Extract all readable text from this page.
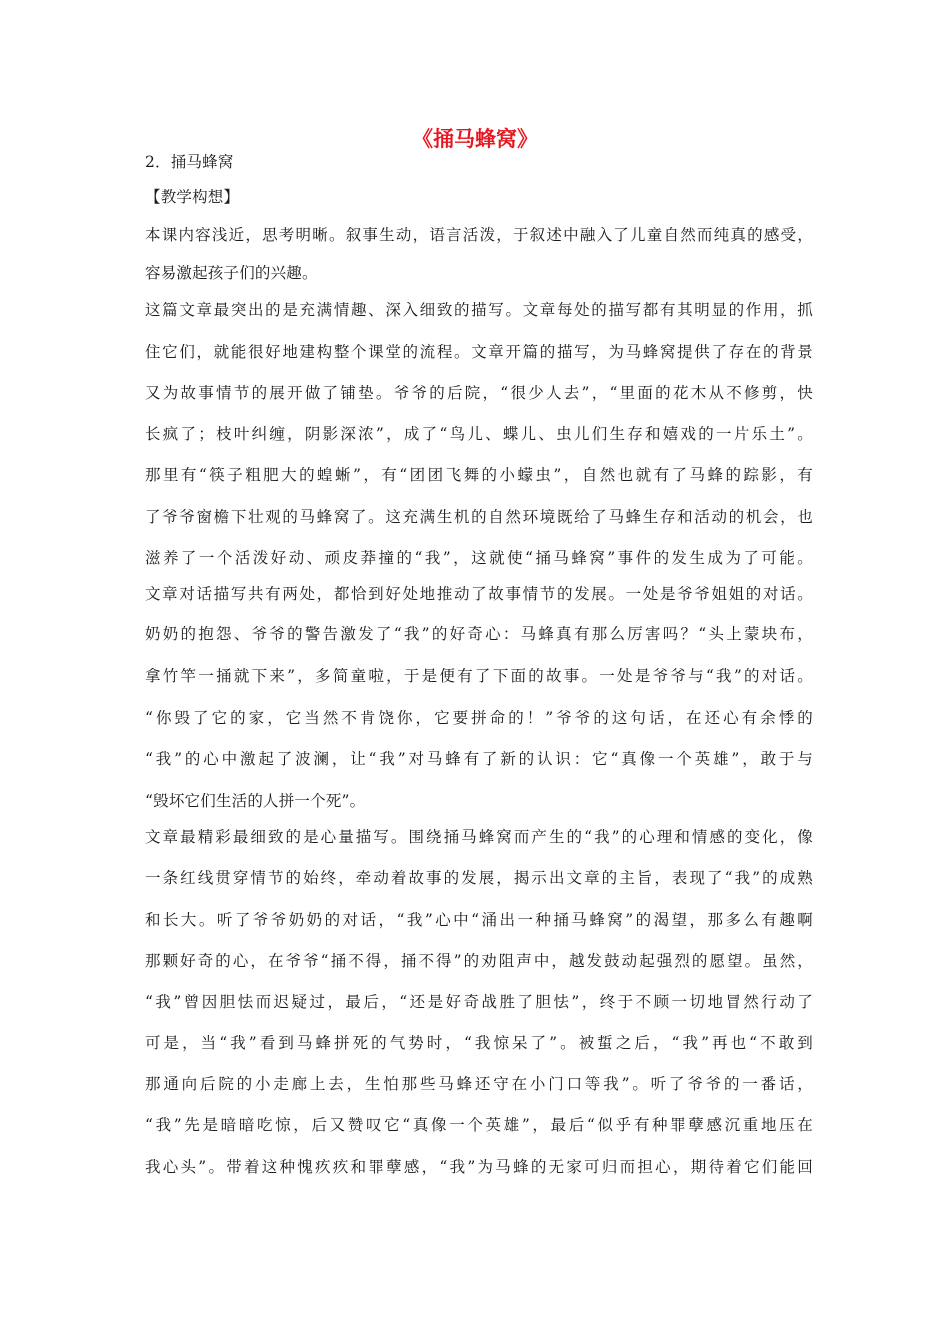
《捅马蜂窝》
2．捅马蜂窝
【教学构想】
本课内容浅近，思考明晰。叙事生动，语言活泼，于叙述中融入了儿童自然而纯真的感受，
容易激起孩子们的兴趣。
这篇文章最突出的是充满情趣、深入细致的描写。文章每处的描写都有其明显的作用，抓
住它们，就能很好地建构整个课堂的流程。文章开篇的描写，为马蜂窝提供了存在的背景
又为故事情节的展开做了铺垫。爷爷的后院，“很少人去”，“里面的花木从不修剪，快
长疯了；枝叶纠缠，阴影深浓”，成了“鸟儿、蝶儿、虫儿们生存和嬉戏的一片乐土”。
那里有“筷子粗肥大的蝗蜥”，有“团团飞舞的小蠓虫”，自然也就有了马蜂的踪影，有
了爷爷窗檐下壮观的马蜂窝了。这充满生机的自然环境既给了马蜂生存和活动的机会，也
滋养了一个活泼好动、顽皮莽撞的“我”，这就使“捅马蜂窝”事件的发生成为了可能。
文章对话描写共有两处，都恰到好处地推动了故事情节的发展。一处是爷爷姐姐的对话。
奶奶的抱怨、爷爷的警告激发了“我”的好奇心：马蜂真有那么厉害吗？“头上蒙块布，
拿竹竿一捅就下来”，多简童啦，于是便有了下面的故事。一处是爷爷与“我”的对话。
“你毁了它的家，它当然不肯饶你，它要拼命的！”爷爷的这句话，在还心有余悸的
“我”的心中激起了波澜，让“我”对马蜂有了新的认识：它“真像一个英雄”，敢于与
“毁坏它们生活的人拼一个死”。
文章最精彩最细致的是心量描写。围绕捅马蜂窝而产生的“我”的心理和情感的变化，像
一条红线贯穿情节的始终，牵动着故事的发展，揭示出文章的主旨，表现了“我”的成熟
和长大。听了爷爷奶奶的对话，“我”心中“涌出一种捅马蜂窝”的渴望，那多么有趣啊
那颗好奇的心，在爷爷“捅不得，捅不得”的劝阻声中，越发鼓动起强烈的愿望。虽然，
“我”曾因胆怯而迟疑过，最后，“还是好奇战胜了胆怯”，终于不顾一切地冒然行动了
可是，当“我”看到马蜂拼死的气势时，“我惊呆了”。被蜇之后，“我”再也“不敢到
那通向后院的小走廊上去，生怕那些马蜂还守在小门口等我”。听了爷爷的一番话，
“我”先是暗暗吃惊，后又赞叹它“真像一个英雄”，最后“似乎有种罪孽感沉重地压在
我心头”。带着这种愧疚疚和罪孽感，“我”为马蜂的无家可归而担心，期待着它们能回
